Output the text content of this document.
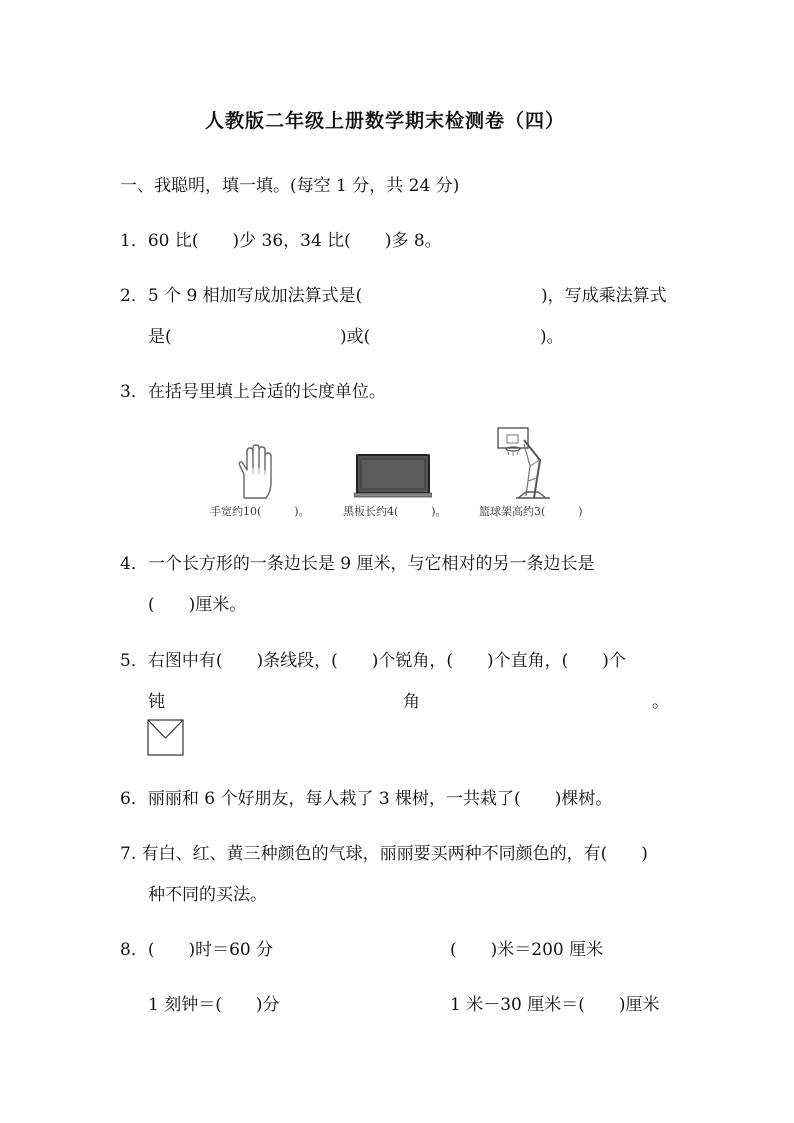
人教版二年级上册数学期末检测卷（四）
一、我聪明，填一填。(每空 1 分，共 24 分)
1．60 比(　　)少 36，34 比(　　)多 8。
2．5 个 9 相加写成加法算式是(	)，写成乘法算式
是(	)或(	)。
3．在括号里填上合适的长度单位。
手宽约10(　　　)。	黑板长约4(　　　)。	篮球架高约3(　　　)
4．一个长方形的一条边长是 9 厘米，与它相对的另一条边长是
(　　)厘米。
5．右图中有(　　)条线段，(　　)个锐角，(　　)个直角，(　　)个
钝	角	。
6．丽丽和 6 个好朋友，每人栽了 3 棵树，一共栽了(　　)棵树。
7. 有白、红、黄三种颜色的气球，丽丽要买两种不同颜色的，有(　　)
种不同的买法。
8．(　　)时＝60 分	(　　)米＝200 厘米
1 刻钟＝(　　)分	1 米－30 厘米＝(　　)厘米
